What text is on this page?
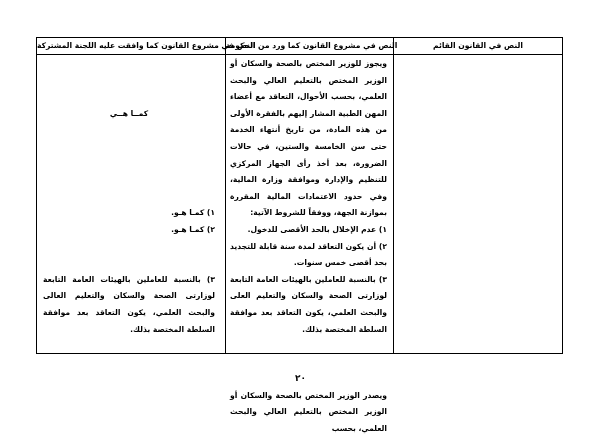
النص في مشروع القانون كما وافقت عليه اللجنة المشتركة
النص في مشروع القانون كما ورد من الحكومة	النص في القانون القائم

كمــا هــي

١) كمـا هـو.

٢) كمـا هـو.

٣) بالنسبة للعاملين بالهيئات العامة التابعة لوزارتى الصحة والسكان والتعليم العالى والبحث العلمي، يكون التعاقد بعد موافقة السلطة المختصة بذلك.

ويجوز للوزير المختص بالصحة والسكان أو الوزير المختص بالتعليم العالي والبحث العلمي، بحسب الأحوال، التعاقد مع أعضاء المهن الطبية المشار إليهم بالفقرة الأولى من هذه المادة، من تاريخ أنتهاء الخدمة حتى سن الخامسة والستين، في حالات الضرورة، بعد أخذ رأى الجهاز المركزي للتنظيم والإدارة وموافقة وزارة المالية، وفي حدود الاعتمادات المالية المقررة بموازنة الجهة، ووفقاً للشروط الآتية:

١) عدم الإخلال بالحد الأقصى للدخول.

٢) أن يكون التعاقد لمدة سنة قابلة للتجديد بحد أقصى خمس سنوات.

٣) بالنسبة للعاملين بالهيئات العامة التابعة لوزارتى الصحة والسكان والتعليم العلى والبحث العلمي، يكون التعاقد بعد موافقة السلطة المختصة بذلك.

ويصدر الوزير المختص بالصحة والسكان أو الوزير المختص بالتعليم العالي والبحث العلمي، بحسب

٢٠
